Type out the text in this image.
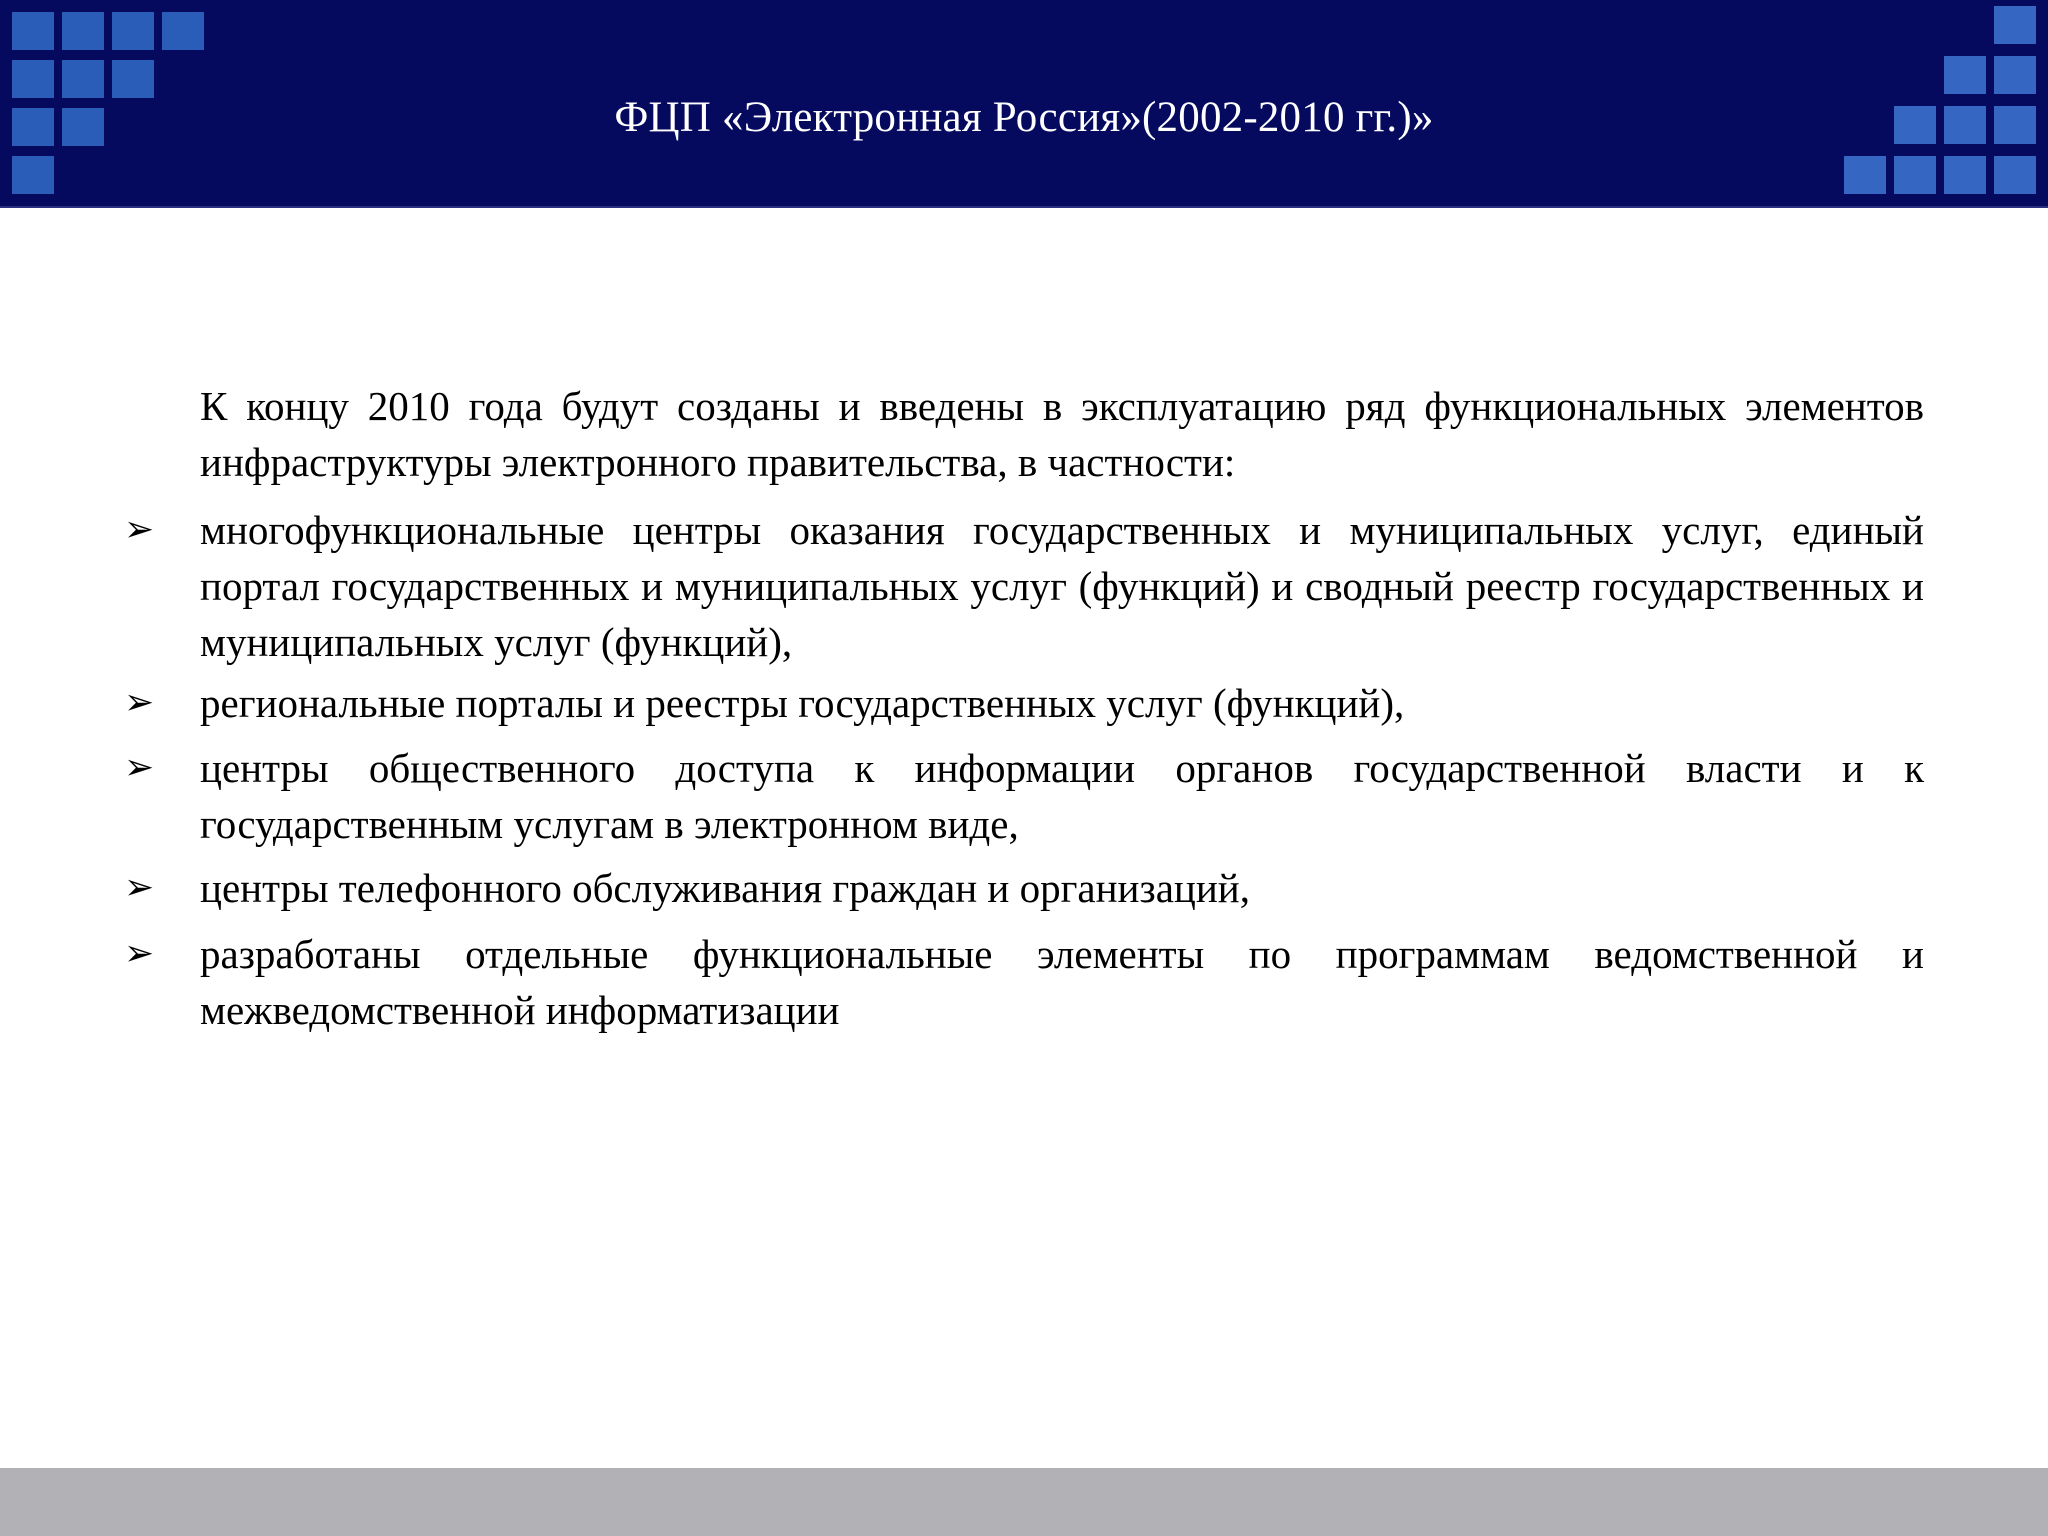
ФЦП «Электронная Россия»(2002-2010 гг.)»
К концу 2010 года будут созданы и введены в эксплуатацию ряд функциональных элементов инфраструктуры электронного правительства, в частности:
➢ многофункциональные центры оказания государственных и муниципальных услуг, единый портал государственных и муниципальных услуг (функций) и сводный реестр государственных и муниципальных услуг (функций),
➢ региональные порталы и реестры государственных услуг (функций),
➢ центры общественного доступа к информации органов государственной власти и к государственным услугам в электронном виде,
➢ центры телефонного обслуживания граждан и организаций,
➢ разработаны отдельные функциональные элементы по программам ведомственной и межведомственной информатизации
